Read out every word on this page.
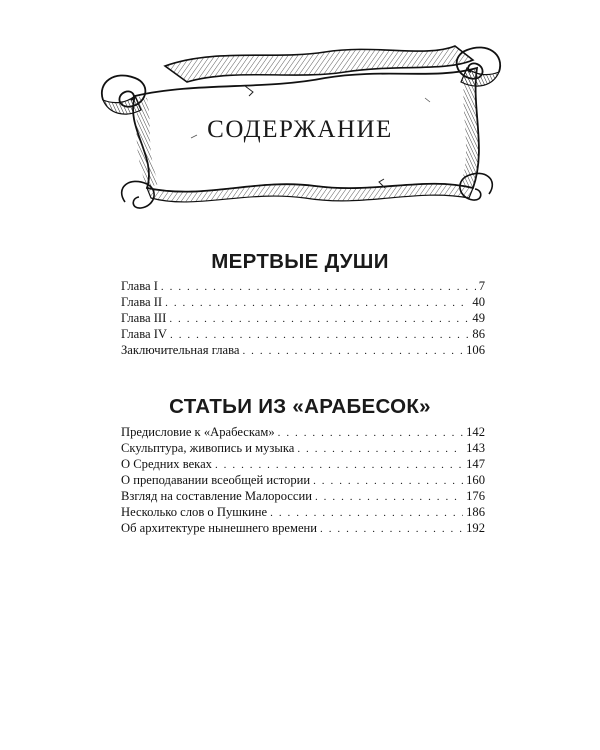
СОДЕРЖАНИЕ
МЕРТВЫЕ ДУШИ
Глава I . . .	7
Глава II . . .	40
Глава III . . .	49
Глава IV . . .	86
Заключительная глава . . .	106
СТАТЬИ ИЗ «АРАБЕСОК»
Предисловие к «Арабескам» . . .	142
Скульптура, живопись и музыка . . .	143
О Средних веках . . .	147
О преподавании всеобщей истории . . .	160
Взгляд на составление Малороссии . . .	176
Несколько слов о Пушкине . . .	186
Об архитектуре нынешнего времени . . .	192
